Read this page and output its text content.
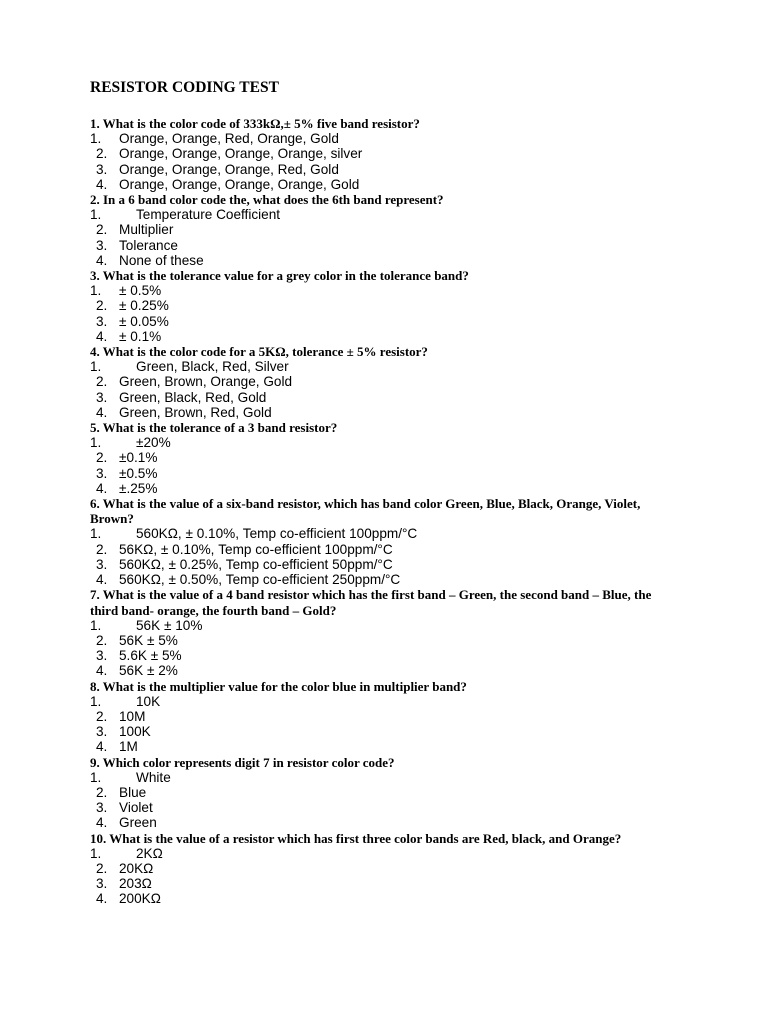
RESISTOR CODING TEST

1. What is the color code of 333kΩ,± 5% five band resistor?

1. Orange, Orange, Red, Orange, Gold
2. Orange, Orange, Orange, Orange, silver
3. Orange, Orange, Orange, Red, Gold
4. Orange, Orange, Orange, Orange, Gold

2. In a 6 band color code the, what does the 6th band represent?

1.	Temperature Coefficient
2. Multiplier
3. Tolerance
4. None of these

3. What is the tolerance value for a grey color in the tolerance band?

1. ± 0.5%
2. ± 0.25%
3. ± 0.05%
4. ± 0.1%

4. What is the color code for a 5KΩ, tolerance ± 5% resistor?

1.	Green, Black, Red, Silver
2. Green, Brown, Orange, Gold
3. Green, Black, Red, Gold
4. Green, Brown, Red, Gold

5. What is the tolerance of a 3 band resistor?

1.	±20%
2. ±0.1%
3. ±0.5%
4. ±.25%

6. What is the value of a six-band resistor, which has band color Green, Blue, Black, Orange, Violet, Brown?

1.	560KΩ, ± 0.10%, Temp co-efficient 100ppm/°C
2. 56KΩ, ± 0.10%, Temp co-efficient 100ppm/°C
3. 560KΩ, ± 0.25%, Temp co-efficient 50ppm/°C
4. 560KΩ, ± 0.50%, Temp co-efficient 250ppm/°C

7. What is the value of a 4 band resistor which has the first band – Green, the second band – Blue, the third band- orange, the fourth band – Gold?

1.	56K ± 10%
2. 56K ± 5%
3. 5.6K ± 5%
4. 56K ± 2%

8. What is the multiplier value for the color blue in multiplier band?

1.	10K
2. 10M
3. 100K
4. 1M

9. Which color represents digit 7 in resistor color code?

1.	White
2. Blue
3. Violet
4. Green

10. What is the value of a resistor which has first three color bands are Red, black, and Orange?

1.	2KΩ
2. 20KΩ
3. 203Ω
4. 200KΩ
